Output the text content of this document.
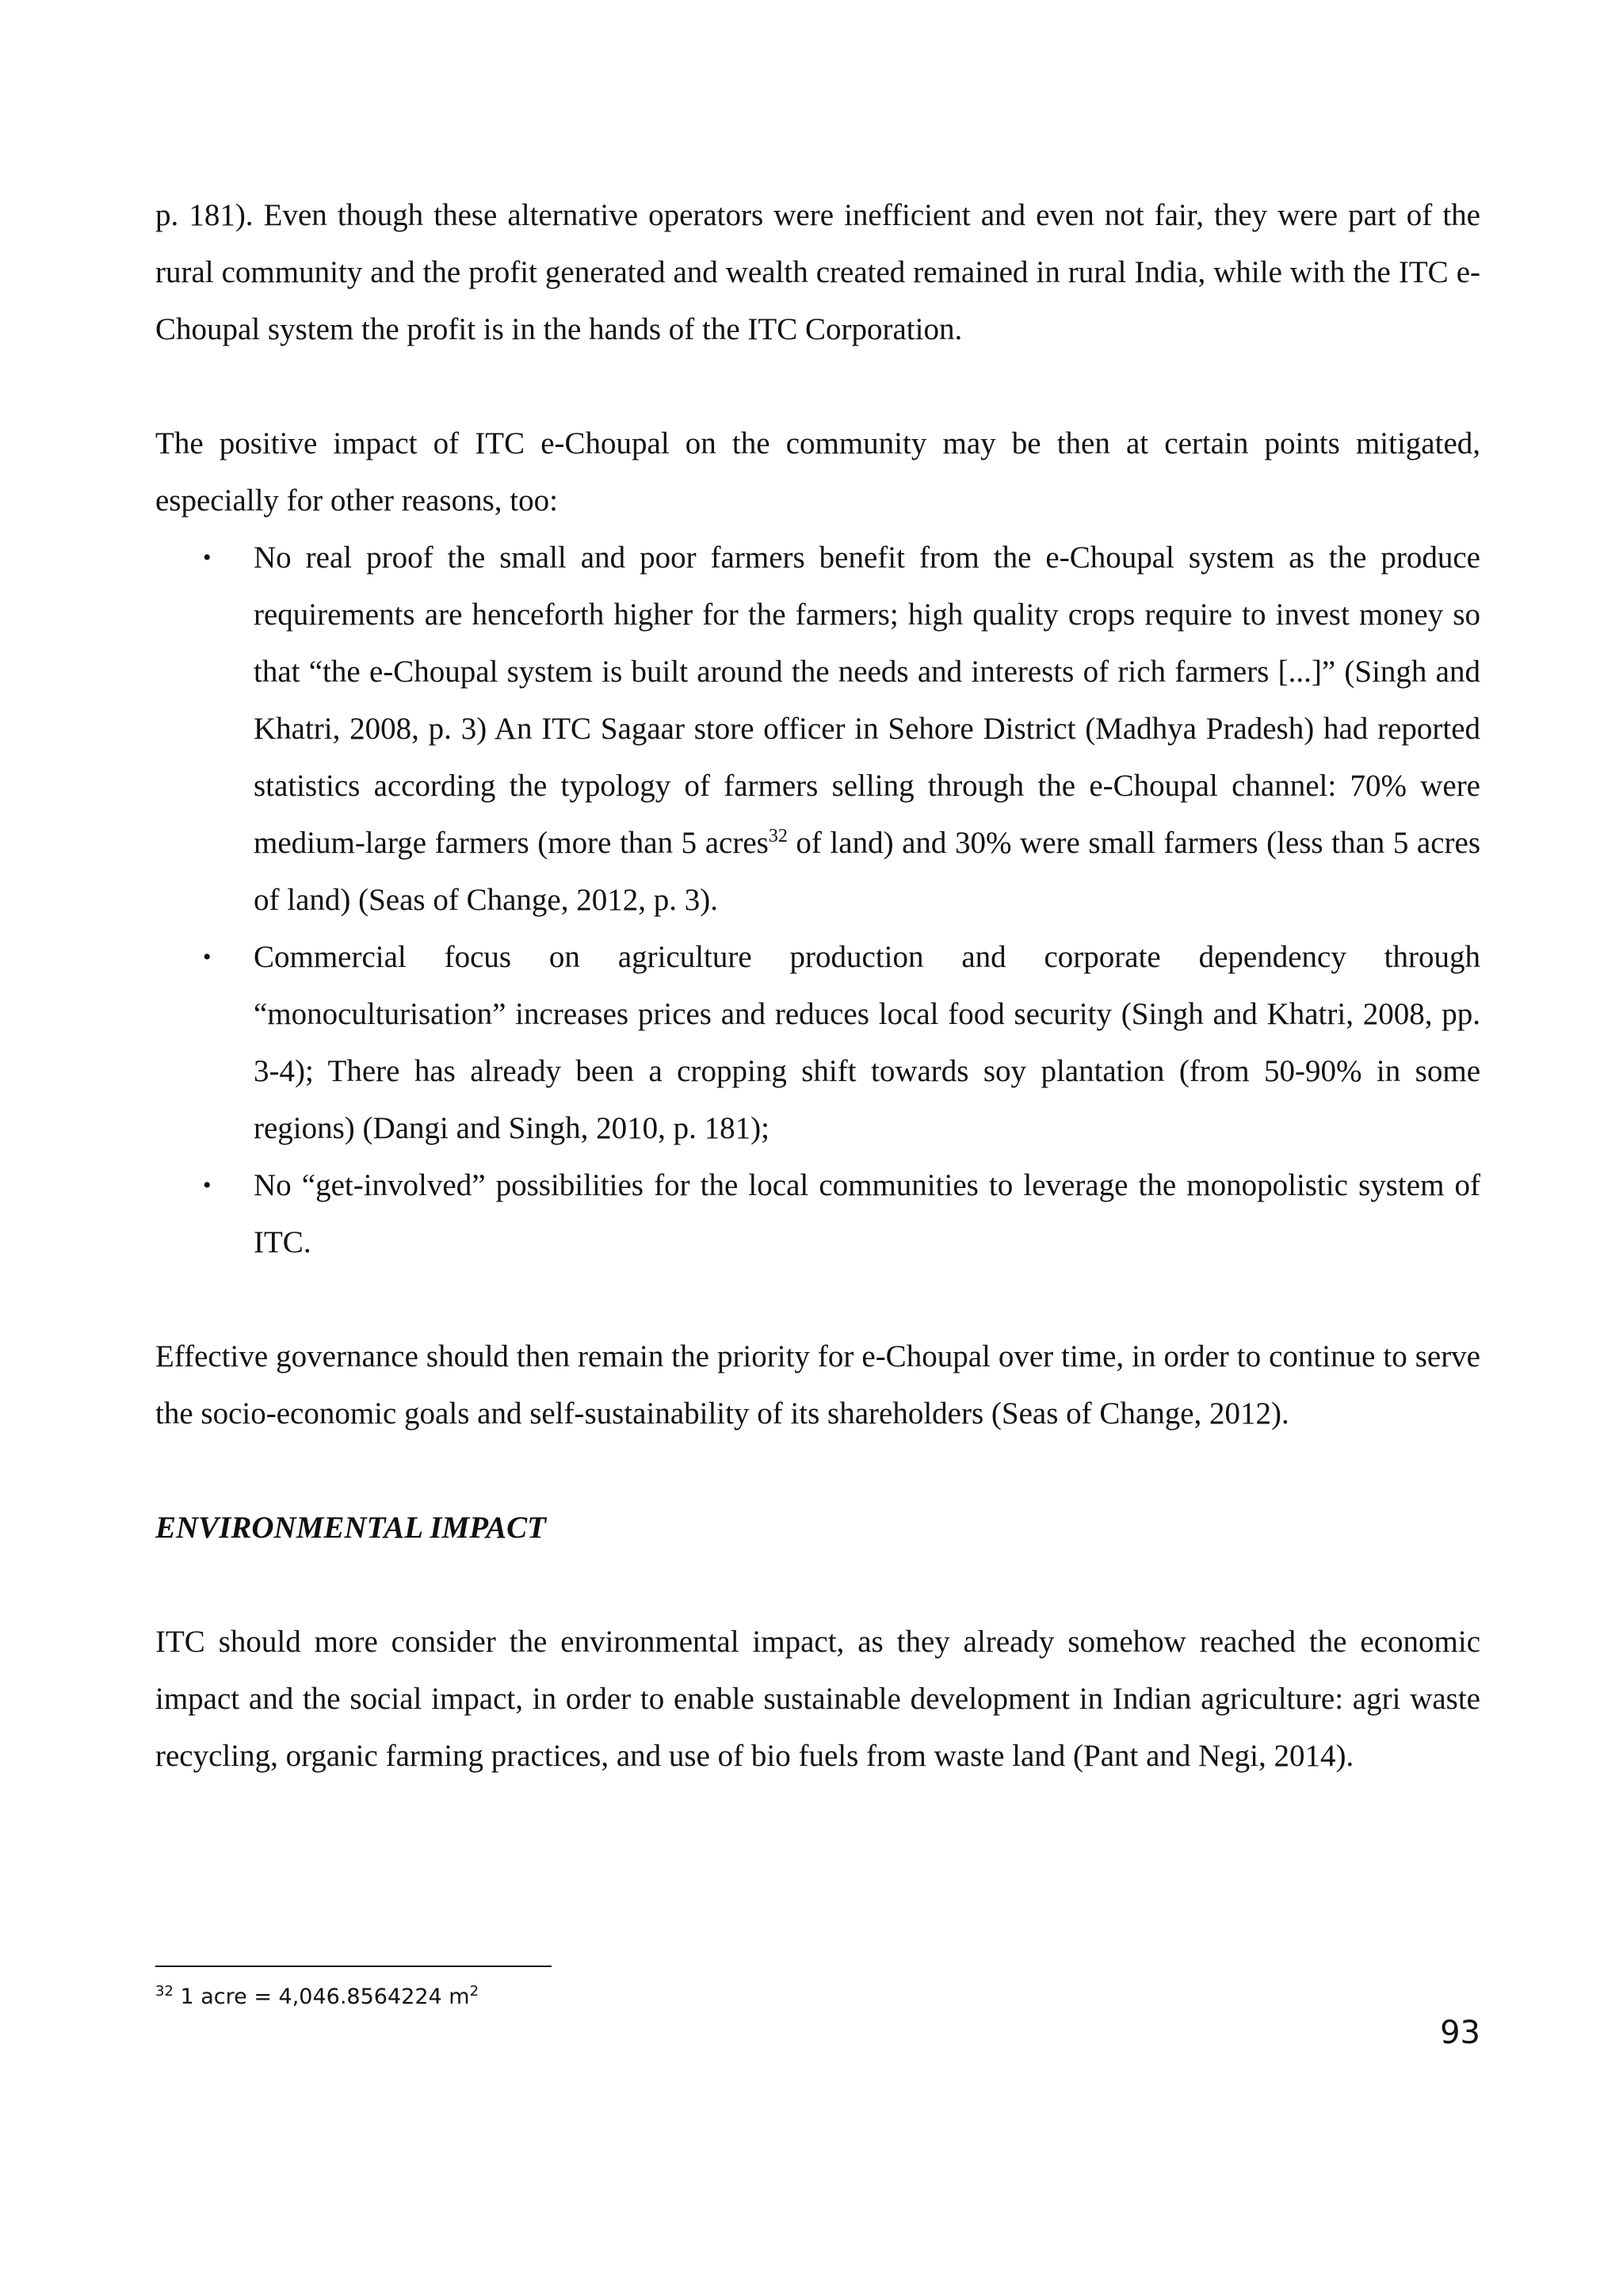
p. 181). Even though these alternative operators were inefficient and even not fair, they were part of the rural community and the profit generated and wealth created remained in rural India, while with the ITC e-Choupal system the profit is in the hands of the ITC Corporation.

The positive impact of ITC e-Choupal on the community may be then at certain points mitigated, especially for other reasons, too:

• No real proof the small and poor farmers benefit from the e-Choupal system as the produce requirements are henceforth higher for the farmers; high quality crops require to invest money so that “the e-Choupal system is built around the needs and interests of rich farmers [...]” (Singh and Khatri, 2008, p. 3) An ITC Sagaar store officer in Sehore District (Madhya Pradesh) had reported statistics according the typology of farmers selling through the e-Choupal channel: 70% were medium-large farmers (more than 5 acres$^{32}$ of land) and 30% were small farmers (less than 5 acres of land) (Seas of Change, 2012, p. 3).
• Commercial focus on agriculture production and corporate dependency through “monoculturisation” increases prices and reduces local food security (Singh and Khatri, 2008, pp. 3-4); There has already been a cropping shift towards soy plantation (from 50-90% in some regions) (Dangi and Singh, 2010, p. 181);
• No “get-involved” possibilities for the local communities to leverage the monopolistic system of ITC.

Effective governance should then remain the priority for e-Choupal over time, in order to continue to serve the socio-economic goals and self-sustainability of its shareholders (Seas of Change, 2012).

ENVIRONMENTAL IMPACT

ITC should more consider the environmental impact, as they already somehow reached the economic impact and the social impact, in order to enable sustainable development in Indian agriculture: agri waste recycling, organic farming practices, and use of bio fuels from waste land (Pant and Negi, 2014).

$^{32}$ 1 acre = 4,046.8564224 $m^2$
93
